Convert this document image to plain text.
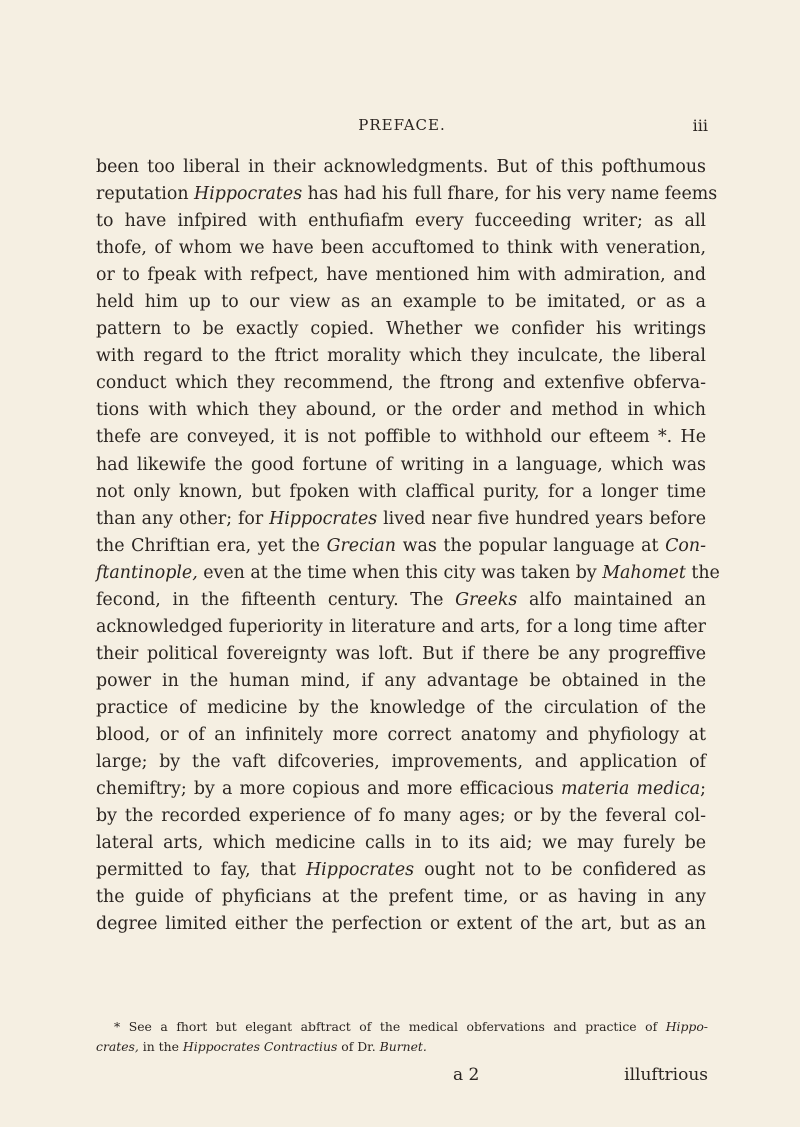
PREFACE.	iii
been too liberal in their acknowledgments. But of this pofthumous
reputation Hippocrates has had his full fhare, for his very name feems
to have infpired with enthufiafm every fucceeding writer; as all
thofe, of whom we have been accuftomed to think with veneration,
or to fpeak with refpect, have mentioned him with admiration, and
held him up to our view as an example to be imitated, or as a
pattern to be exactly copied. Whether we confider his writings
with regard to the ftrict morality which they inculcate, the liberal
conduct which they recommend, the ftrong and extenfive obferva-
tions with which they abound, or the order and method in which
thefe are conveyed, it is not poffible to withhold our efteem *. He
had likewife the good fortune of writing in a language, which was
not only known, but fpoken with claffical purity, for a longer time
than any other; for Hippocrates lived near five hundred years before
the Chriftian era, yet the Grecian was the popular language at Con-
ftantinople, even at the time when this city was taken by Mahomet the
fecond, in the fifteenth century. The Greeks alfo maintained an
acknowledged fuperiority in literature and arts, for a long time after
their political fovereignty was loft. But if there be any progreffive
power in the human mind, if any advantage be obtained in the
practice of medicine by the knowledge of the circulation of the
blood, or of an infinitely more correct anatomy and phyfiology at
large; by the vaft difcoveries, improvements, and application of
chemiftry; by a more copious and more efficacious materia medica;
by the recorded experience of fo many ages; or by the feveral col-
lateral arts, which medicine calls in to its aid; we may furely be
permitted to fay, that Hippocrates ought not to be confidered as
the guide of phyficians at the prefent time, or as having in any
degree limited either the perfection or extent of the art, but as an
* See a fhort but elegant abftract of the medical obfervations and practice of Hippo-
crates, in the Hippocrates Contractius of Dr. Burnet.
a 2	illuftrious
